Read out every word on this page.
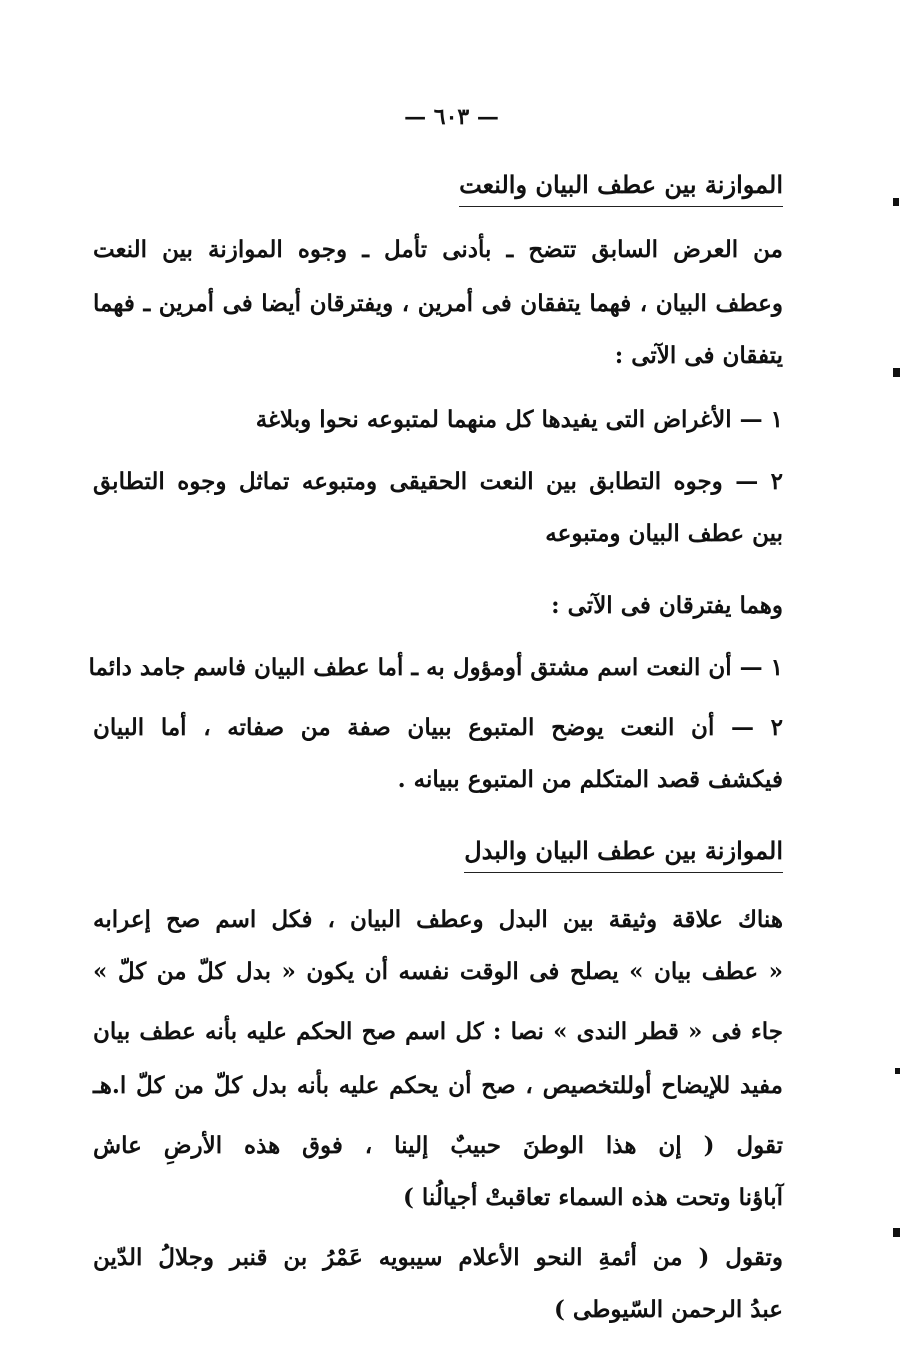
— ٦٠٣ —
الموازنة بين عطف البيان والنعت
من العرض السابق تتضح ـ بأدنى تأمل ـ وجوه الموازنة بين النعت
وعطف البيان ، فهما يتفقان فى أمرين ، ويفترقان أيضا فى أمرين ـ فهما
يتفقان فى الآتى :
١ — الأغراض التى يفيدها كل منهما لمتبوعه نحوا وبلاغة
٢ — وجوه التطابق بين النعت الحقيقى ومتبوعه تماثل وجوه التطابق
بين عطف البيان ومتبوعه
وهما يفترقان فى الآتى :
١ — أن النعت اسم مشتق أومؤول به ـ أما عطف البيان فاسم جامد دائما
٢ — أن النعت يوضح المتبوع ببيان صفة من صفاته ، أما البيان
فيكشف قصد المتكلم من المتبوع ببيانه .
الموازنة بين عطف البيان والبدل
هناك علاقة وثيقة بين البدل وعطف البيان ، فكل اسم صح إعرابه
« عطف بيان » يصلح فى الوقت نفسه أن يكون « بدل كلّ من كلّ »
جاء فى « قطر الندى » نصا : كل اسم صح الحكم عليه بأنه عطف بيان
مفيد للإيضاح أوللتخصيص ، صح أن يحكم عليه بأنه بدل كلّ من كلّ ا.هـ
تقول ( إن هذا الوطنَ حبيبٌ إلينا ، فوق هذه الأرضِ عاش
آباؤنا وتحت هذه السماء تعاقبتْ أجيالُنا )
وتقول ( من أئمةِ النحو الأعلام سيبويه عَمْرُ بن قنبر وجلالُ الدّين
عبدُ الرحمن السّيوطى )
